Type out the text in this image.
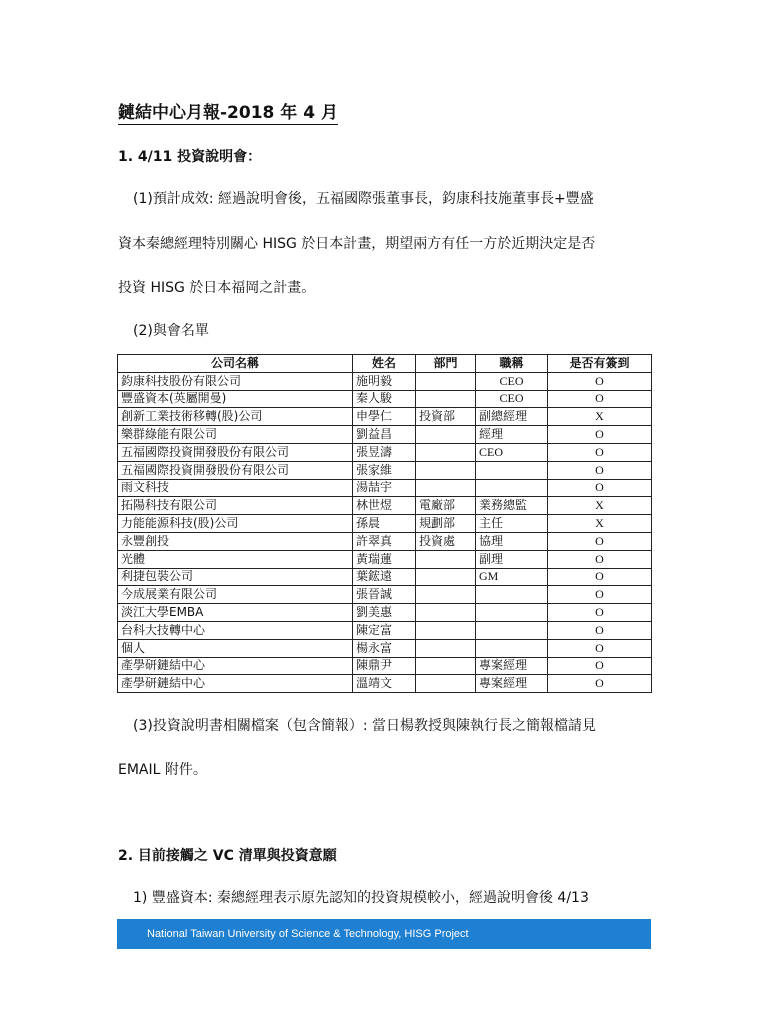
鏈結中心月報-2018 年 4 月
1. 4/11 投資說明會：
(1)預計成效: 經過說明會後，五福國際張董事長，鈞康科技施董事長+豐盛
資本秦總經理特別關心 HISG 於日本計畫，期望兩方有任一方於近期決定是否
投資 HISG 於日本福岡之計畫。
(2)與會名單
公司名稱	姓名	部門	職稱	是否有簽到
鈞康科技股份有限公司	施明毅		CEO	O
豐盛資本(英屬開曼)	秦人駿		CEO	O
創新工業技術移轉(股)公司	申學仁	投資部	副總經理	X
樂群綠能有限公司	劉益昌		經理	O
五福國際投資開發股份有限公司	張昱濤		CEO	O
五福國際投資開發股份有限公司	張家維			O
雨文科技	湯喆宇			O
拓陽科技有限公司	林世煜	電廠部	業務總監	X
力能能源科技(股)公司	孫晨	規劃部	主任	X
永豐創投	許翠真	投資處	協理	O
光體	黃瑞蓮		副理	O
利捷包裝公司	葉鋐遠		GM	O
今成展業有限公司	張晉誠			O
淡江大學EMBA	劉美惠			O
台科大技轉中心	陳定富			O
個人	楊永富			O
產學研鏈結中心	陳鼎尹		專案經理	O
產學研鏈結中心	溫靖文		專案經理	O
(3)投資說明書相關檔案（包含簡報）: 當日楊教授與陳執行長之簡報檔請見
EMAIL 附件。
2. 目前接觸之 VC 清單與投資意願
1) 豐盛資本: 秦總經理表示原先認知的投資規模較小，經過說明會後 4/13
National Taiwan University of Science & Technology, HISG Project
